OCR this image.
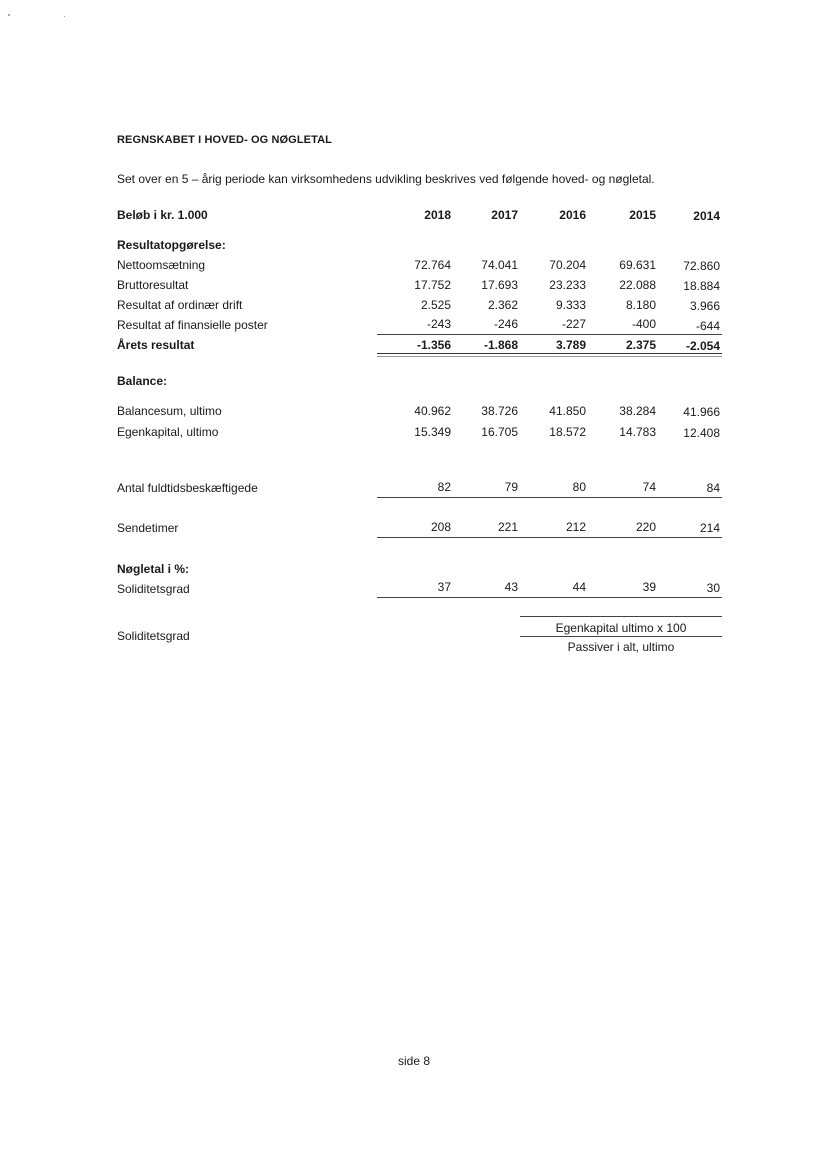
REGNSKABET I HOVED- OG NØGLETAL
Set over en 5 – årig periode kan virksomhedens udvikling beskrives ved følgende hoved- og nøgletal.
Beløb i kr. 1.000	2018	2017	2016	2015	2014
Resultatopgørelse:
Nettoomsætning	72.764	74.041	70.204	69.631	72.860
Bruttoresultat	17.752	17.693	23.233	22.088	18.884
Resultat af ordinær drift	2.525	2.362	9.333	8.180	3.966
Resultat af finansielle poster	-243	-246	-227	-400	-644
Årets resultat	-1.356	-1.868	3.789	2.375	-2.054
Balance:
Balancesum, ultimo	40.962	38.726	41.850	38.284	41.966
Egenkapital, ultimo	15.349	16.705	18.572	14.783	12.408
Antal fuldtidsbeskæftigede	82	79	80	74	84
Sendetimer	208	221	212	220	214
Nøgletal i %:
Soliditetsgrad	37	43	44	39	30
Soliditetsgrad
Egenkapital ultimo x 100
Passiver i alt, ultimo
side 8
